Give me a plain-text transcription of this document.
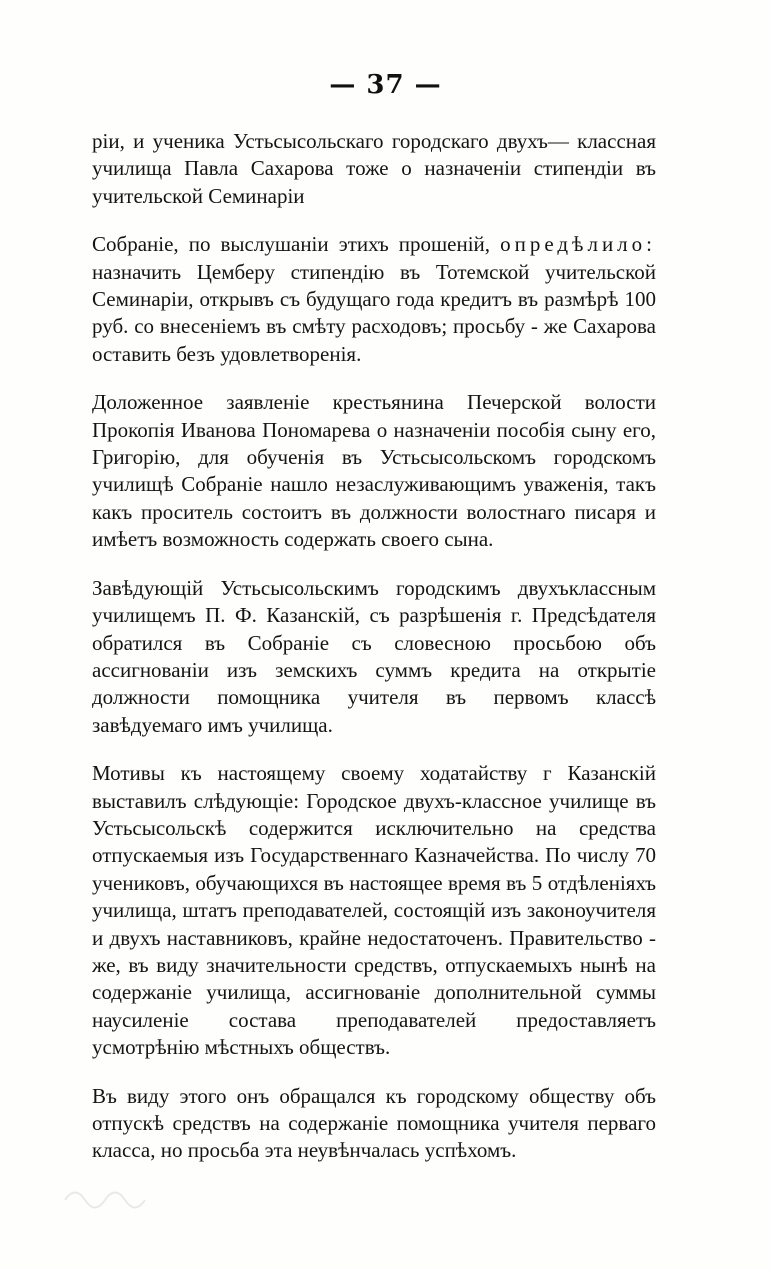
— 37 —

ріи, и ученика Устьсысольскаго городскаго двухъ— классная училища Павла Сахарова тоже о назначеніи стипендіи въ учительской Семинаріи

Собраніе, по выслушаніи этихъ прошеній, опредѣлило: назначить Цемберу стипендію въ Тотемской учительской Семинаріи, открывъ съ будущаго года кредитъ въ размѣрѣ 100 руб. со внесеніемъ въ смѣту расходовъ; просьбу - же Сахарова оставить безъ удовлетворенія.

Доложенное заявленіе крестьянина Печерской волости Прокопія Иванова Пономарева о назначеніи пособія сыну его, Григорію, для обученія въ Устьсысольскомъ городскомъ училищѣ Собраніе нашло незаслуживающимъ уваженія, такъ какъ проситель состоитъ въ должности волостнаго писаря и имѣетъ возможность содержать своего сына.

Завѣдующій Устьсысольскимъ городскимъ двухъклассным училищемъ П. Ф. Казанскій, съ разрѣшенія г. Предсѣдателя обратился въ Собраніе съ словесною просьбою объ ассигнованіи изъ земскихъ суммъ кредита на открытіе должности помощника учителя въ первомъ классѣ завѣдуемаго имъ училища.

Мотивы къ настоящему своему ходатайству г Казанскій выставилъ слѣдующіе: Городское двухъ-классное училище въ Устьсысольскѣ содержится исключительно на средства отпускаемыя изъ Государственнаго Казначейства. По числу 70 учениковъ, обучающихся въ настоящее время въ 5 отдѣленіяхъ училища, штатъ преподавателей, состоящій изъ законоучителя и двухъ наставниковъ, крайне недостаточенъ. Правительство - же, въ виду значительности средствъ, отпускаемыхъ нынѣ на содержаніе училища, ассигнованіе дополнительной суммы наусиленіе состава преподавателей предоставляетъ усмотрѣнію мѣстныхъ обществъ.

Въ виду этого онъ обращался къ городскому обществу объ отпускѣ средствъ на содержаніе помощника учителя перваго класса, но просьба эта неувѣнчалась успѣхомъ.
